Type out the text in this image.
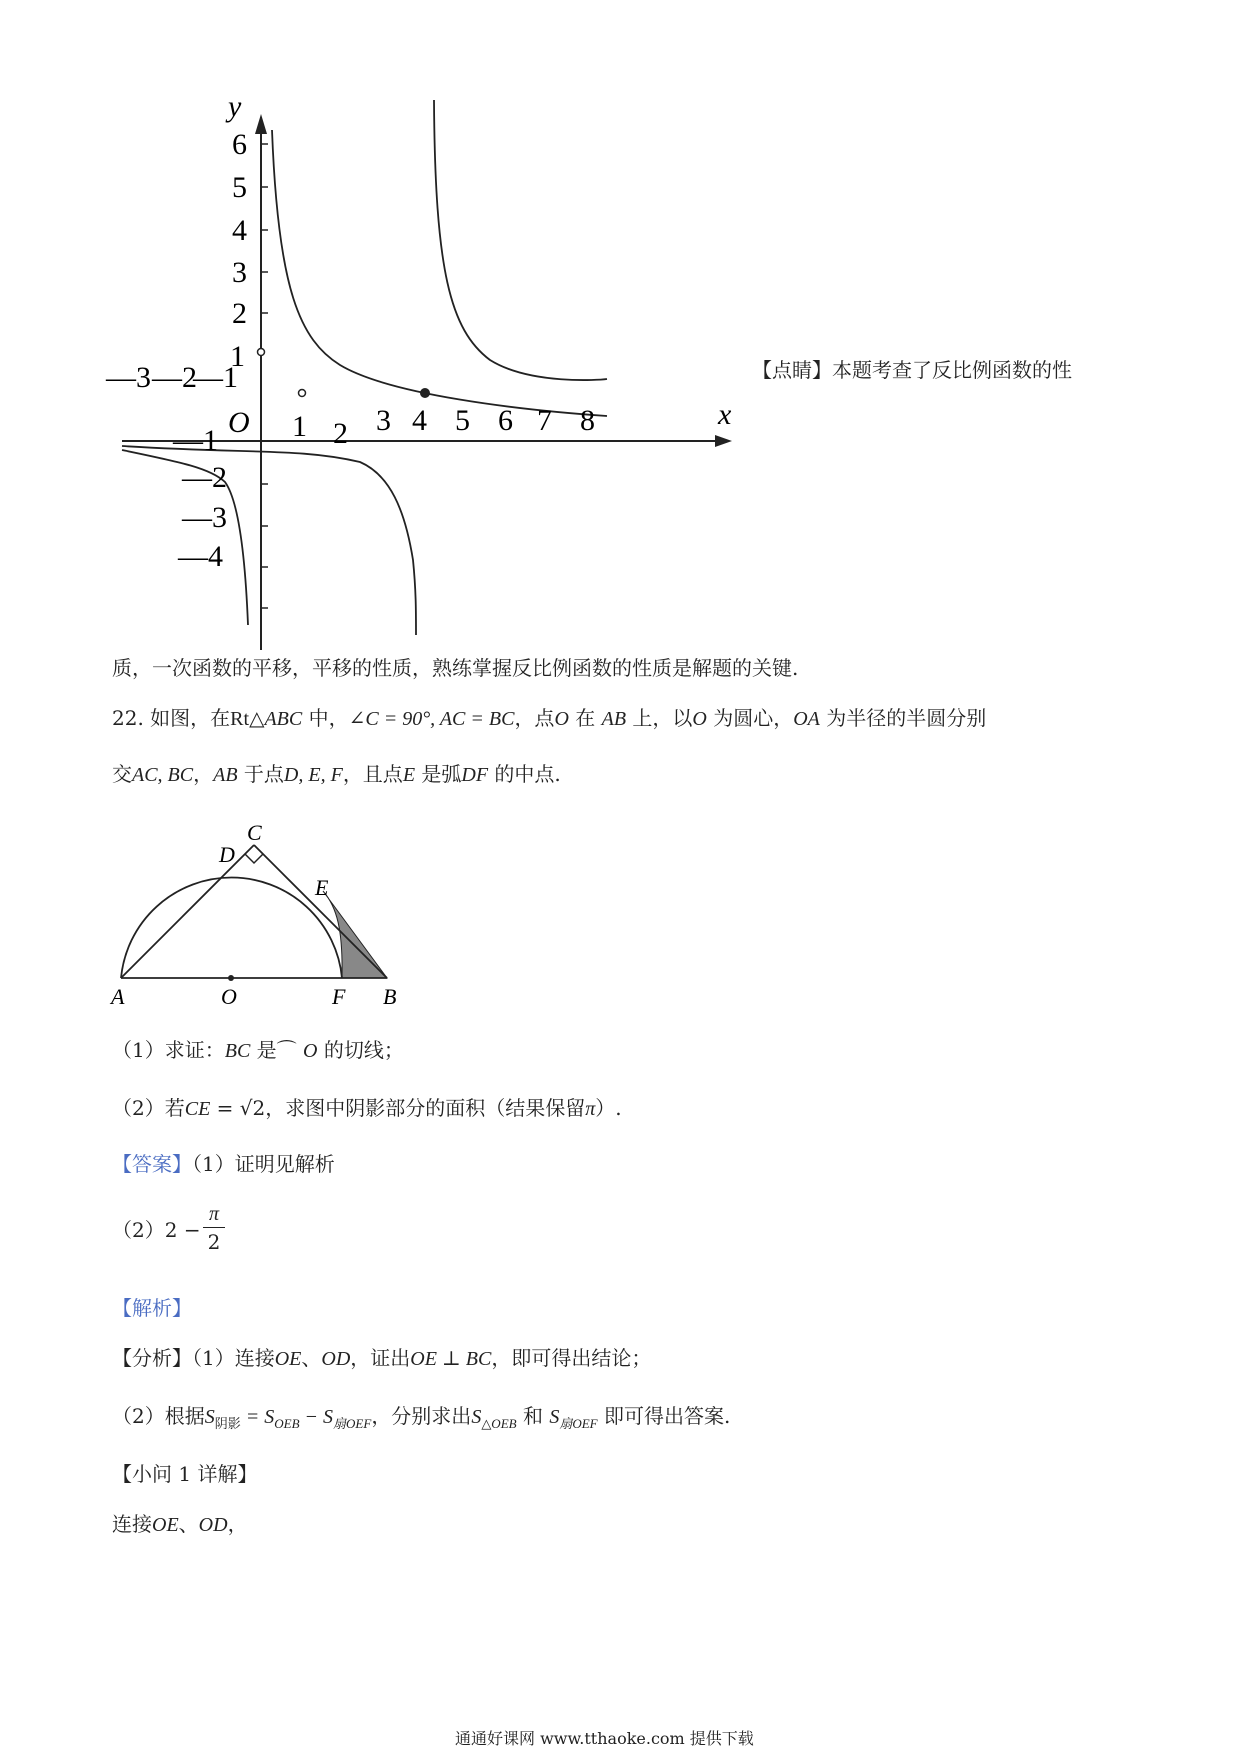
y
x
O
6
5
4
3
2
1
—1
—2
—3
—4
—3 —2
—1
1 2 3 4 5 6 7 8
【点睛】本题考查了反比例函数的性
质，一次函数的平移，平移的性质，熟练掌握反比例函数的性质是解题的关键.
22. 如图，在Rt△ABC 中，∠C = 90°, AC = BC，点O 在 AB 上，以O 为圆心，OA 为半径的半圆分别
交AC, BC，AB 于点D, E, F，且点E 是弧DF 的中点.
C
D
E
A	O	F B
（1）求证：BC 是⌒ O 的切线；
（2）若CE = √2，求图中阴影部分的面积（结果保留π）.
【答案】（1）证明见解析
（2）2 −
π
2
【解析】
【分析】（1）连接OE、OD，证出OE ⊥ BC，即可得出结论；
（2）根据$S_{阴影} = S_{OEB} - S_{扇OEF}$，分别求出$S_{\triangle OEB}$ 和 $S_{扇OEF}$ 即可得出答案.
【小问 1 详解】
连接OE、OD，
通通好课网 www.tthaoke.com 提供下载
